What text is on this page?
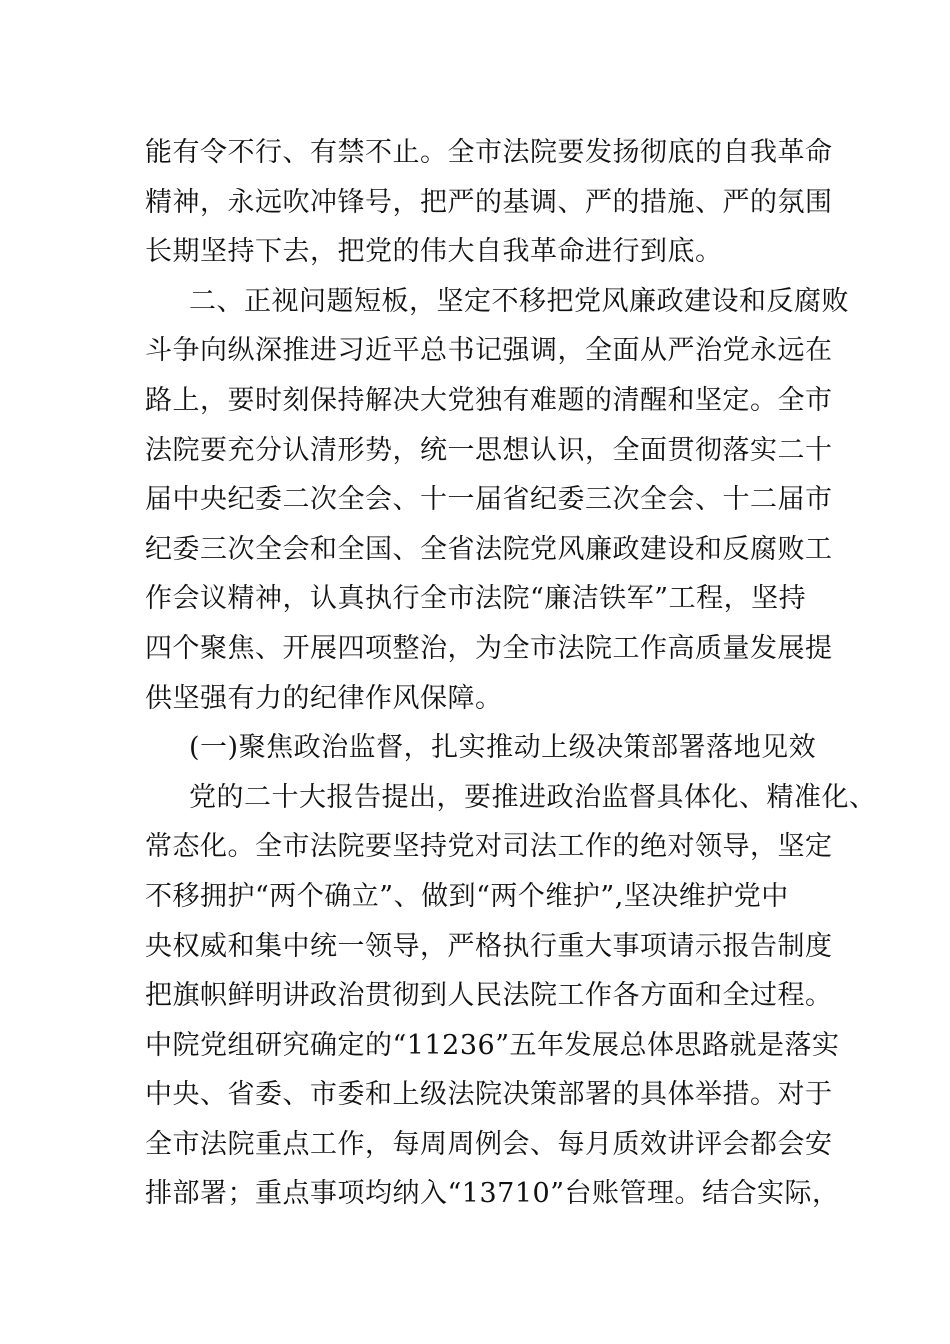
能有令不行、有禁不止。全市法院要发扬彻底的自我革命
精神，永远吹冲锋号，把严的基调、严的措施、严的氛围
长期坚持下去，把党的伟大自我革命进行到底。
二、正视问题短板，坚定不移把党风廉政建设和反腐败
斗争向纵深推进习近平总书记强调，全面从严治党永远在
路上，要时刻保持解决大党独有难题的清醒和坚定。全市
法院要充分认清形势，统一思想认识，全面贯彻落实二十
届中央纪委二次全会、十一届省纪委三次全会、十二届市
纪委三次全会和全国、全省法院党风廉政建设和反腐败工
作会议精神，认真执行全市法院“廉洁铁军”工程，坚持
四个聚焦、开展四项整治，为全市法院工作高质量发展提
供坚强有力的纪律作风保障。
(一)聚焦政治监督，扎实推动上级决策部署落地见效
党的二十大报告提出，要推进政治监督具体化、精准化、
常态化。全市法院要坚持党对司法工作的绝对领导，坚定
不移拥护“两个确立”、做到“两个维护”,坚决维护党中
央权威和集中统一领导，严格执行重大事项请示报告制度
把旗帜鲜明讲政治贯彻到人民法院工作各方面和全过程。
中院党组研究确定的“11236”五年发展总体思路就是落实
中央、省委、市委和上级法院决策部署的具体举措。对于
全市法院重点工作，每周周例会、每月质效讲评会都会安
排部署；重点事项均纳入“13710”台账管理。结合实际，
